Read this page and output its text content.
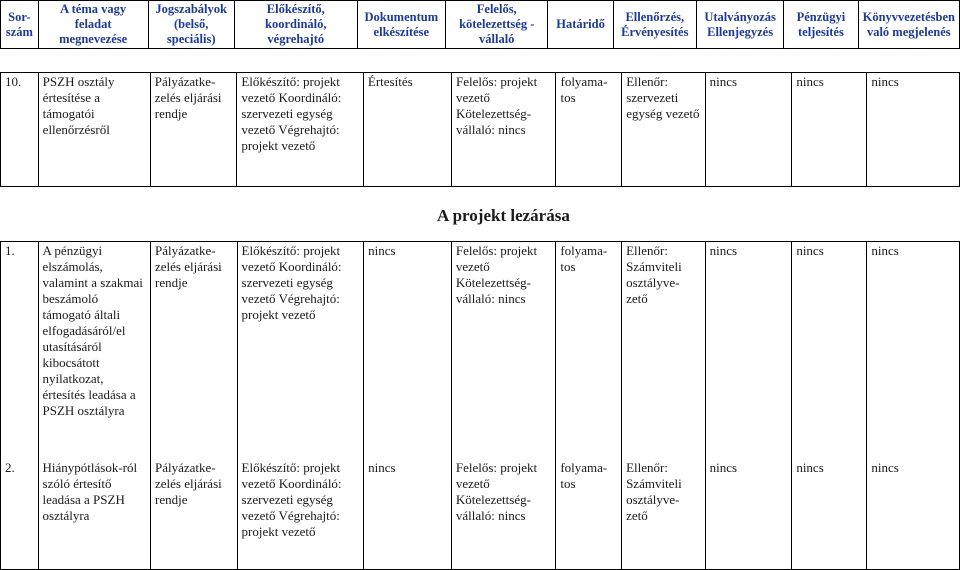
Sor-
szám	A téma vagy feladat megnevezése	Jogszabályok (belső, speciális)	Előkészítő, koordináló, végrehajtó	Dokumentum elkészítése	Felelős, kötelezettség - vállaló	Határidő	Ellenőrzés, Érvényesítés	Utalványozás Ellenjegyzés	Pénzügyi teljesítés	Könyvvezetésben való megjelenés
10.	PSZH osztály értesítése a támogatói ellenőrzésről	Pályázatke-zelés eljárási rendje	Előkészítő: projekt vezető Koordináló: szervezeti egység vezető Végrehajtó: projekt vezető	Értesítés	Felelős: projekt vezető Kötelezettség-vállaló: nincs	folyama-tos	Ellenőr: szervezeti egység vezető	nincs	nincs	nincs
A projekt lezárása
1.	A pénzügyi elszámolás, valamint a szakmai beszámoló támogató általi elfogadásáról/el utasításáról kibocsátott nyilatkozat, értesítés leadása a PSZH osztályra	Pályázatke-zelés eljárási rendje	Előkészítő: projekt vezető Koordináló: szervezeti egység vezető Végrehajtó: projekt vezető	nincs	Felelős: projekt vezető Kötelezettség-vállaló: nincs	folyama-tos	Ellenőr: Számviteli osztályve-zető	nincs	nincs	nincs
2.	Hiánypótlások-ról szóló értesítő leadása a PSZH osztályra	Pályázatke-zelés eljárási rendje	Előkészítő: projekt vezető Koordináló: szervezeti egység vezető Végrehajtó: projekt vezető	nincs	Felelős: projekt vezető Kötelezettség-vállaló: nincs	folyama-tos	Ellenőr: Számviteli osztályve-zető	nincs	nincs	nincs
